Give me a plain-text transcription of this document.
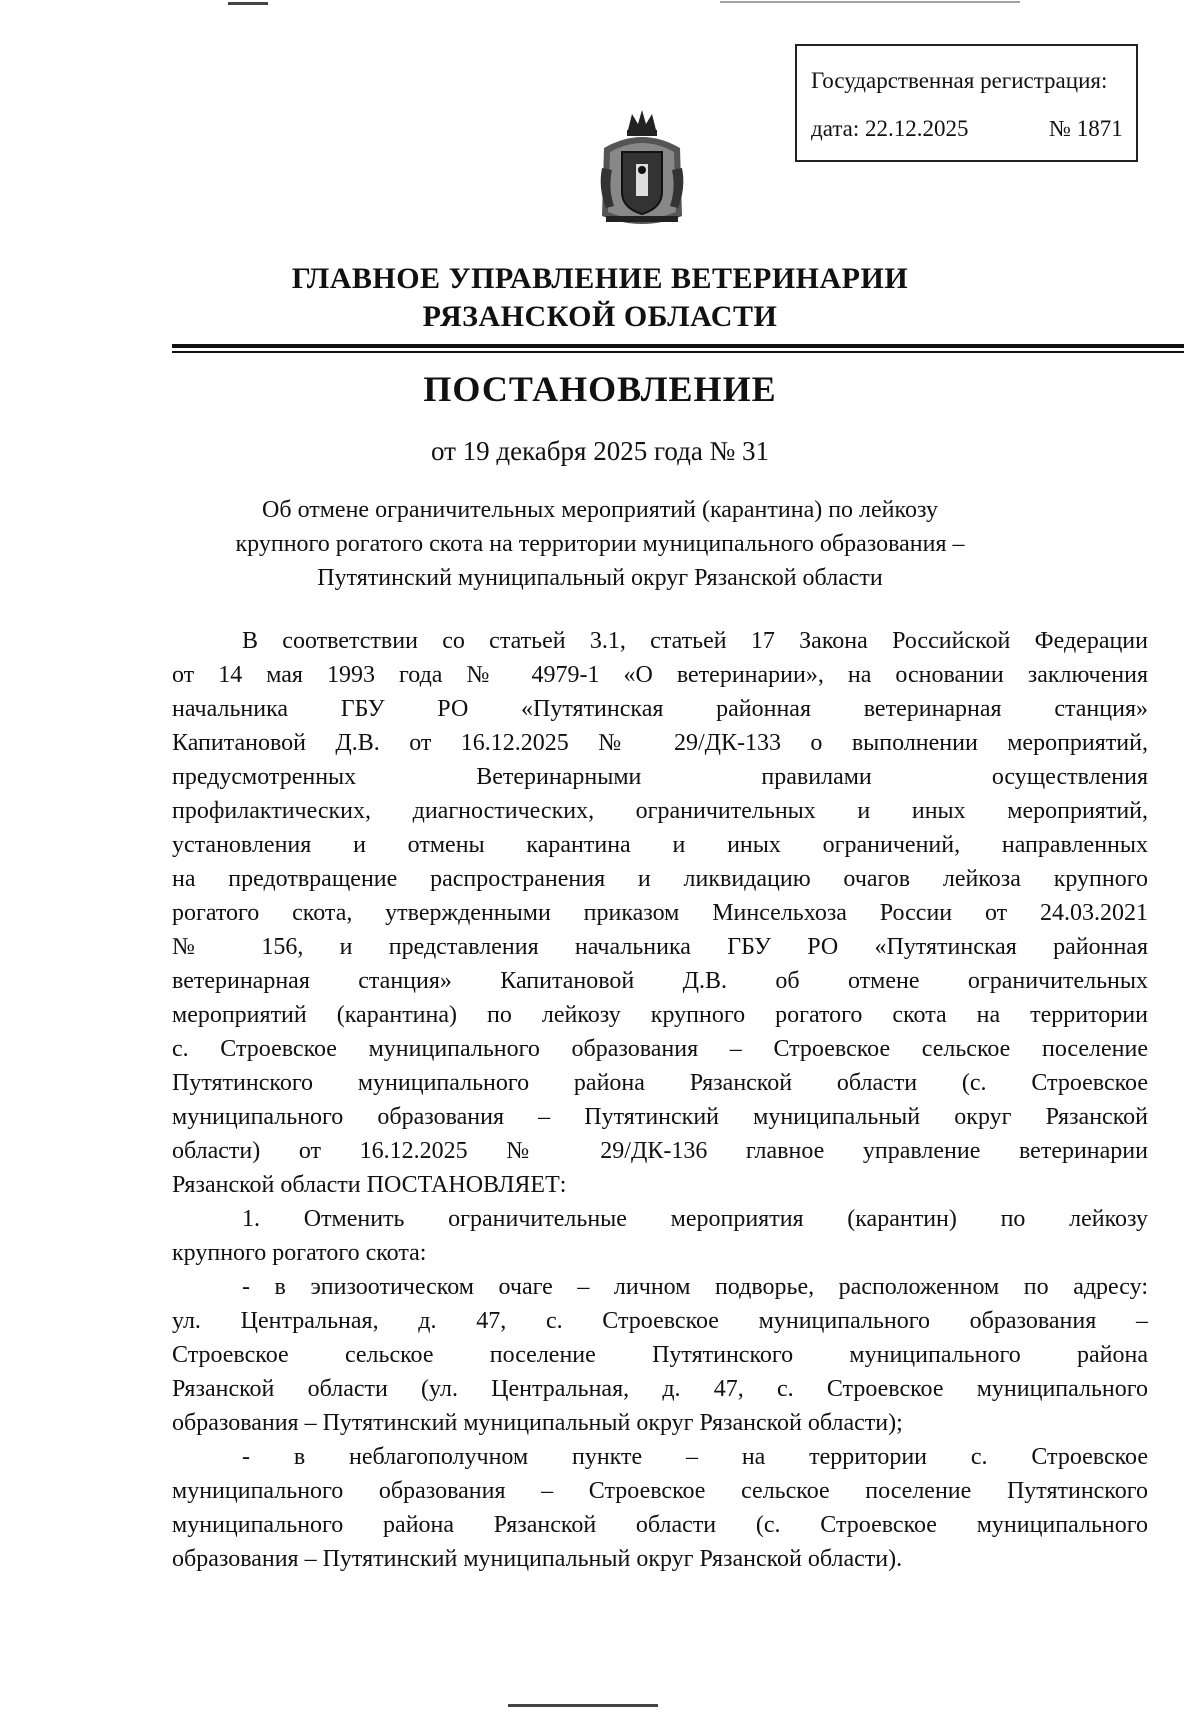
Государственная регистрация:
дата: 22.12.2025	№ 1871
ГЛАВНОЕ УПРАВЛЕНИЕ ВЕТЕРИНАРИИ
РЯЗАНСКОЙ ОБЛАСТИ
ПОСТАНОВЛЕНИЕ
от 19 декабря 2025 года № 31
Об отмене ограничительных мероприятий (карантина) по лейкозу
крупного рогатого скота на территории муниципального образования –
Путятинский муниципальный округ Рязанской области
В соответствии со статьей 3.1, статьей 17 Закона Российской Федерации
от 14 мая 1993 года № 4979-1 «О ветеринарии», на основании заключения
начальника ГБУ РО «Путятинская районная ветеринарная станция»
Капитановой Д.В. от 16.12.2025 № 29/ДК-133 о выполнении мероприятий,
предусмотренных Ветеринарными правилами осуществления
профилактических, диагностических, ограничительных и иных мероприятий,
установления и отмены карантина и иных ограничений, направленных
на предотвращение распространения и ликвидацию очагов лейкоза крупного
рогатого скота, утвержденными приказом Минсельхоза России от 24.03.2021
№ 156, и представления начальника ГБУ РО «Путятинская районная
ветеринарная станция» Капитановой Д.В. об отмене ограничительных
мероприятий (карантина) по лейкозу крупного рогатого скота на территории
с. Строевское муниципального образования – Строевское сельское поселение
Путятинского муниципального района Рязанской области (с. Строевское
муниципального образования – Путятинский муниципальный округ Рязанской
области) от 16.12.2025 № 29/ДК-136 главное управление ветеринарии
Рязанской области ПОСТАНОВЛЯЕТ:
1. Отменить ограничительные мероприятия (карантин) по лейкозу
крупного рогатого скота:
- в эпизоотическом очаге – личном подворье, расположенном по адресу:
ул. Центральная, д. 47, с. Строевское муниципального образования –
Строевское сельское поселение Путятинского муниципального района
Рязанской области (ул. Центральная, д. 47, с. Строевское муниципального
образования – Путятинский муниципальный округ Рязанской области);
- в неблагополучном пункте – на территории с. Строевское
муниципального образования – Строевское сельское поселение Путятинского
муниципального района Рязанской области (с. Строевское муниципального
образования – Путятинский муниципальный округ Рязанской области).
